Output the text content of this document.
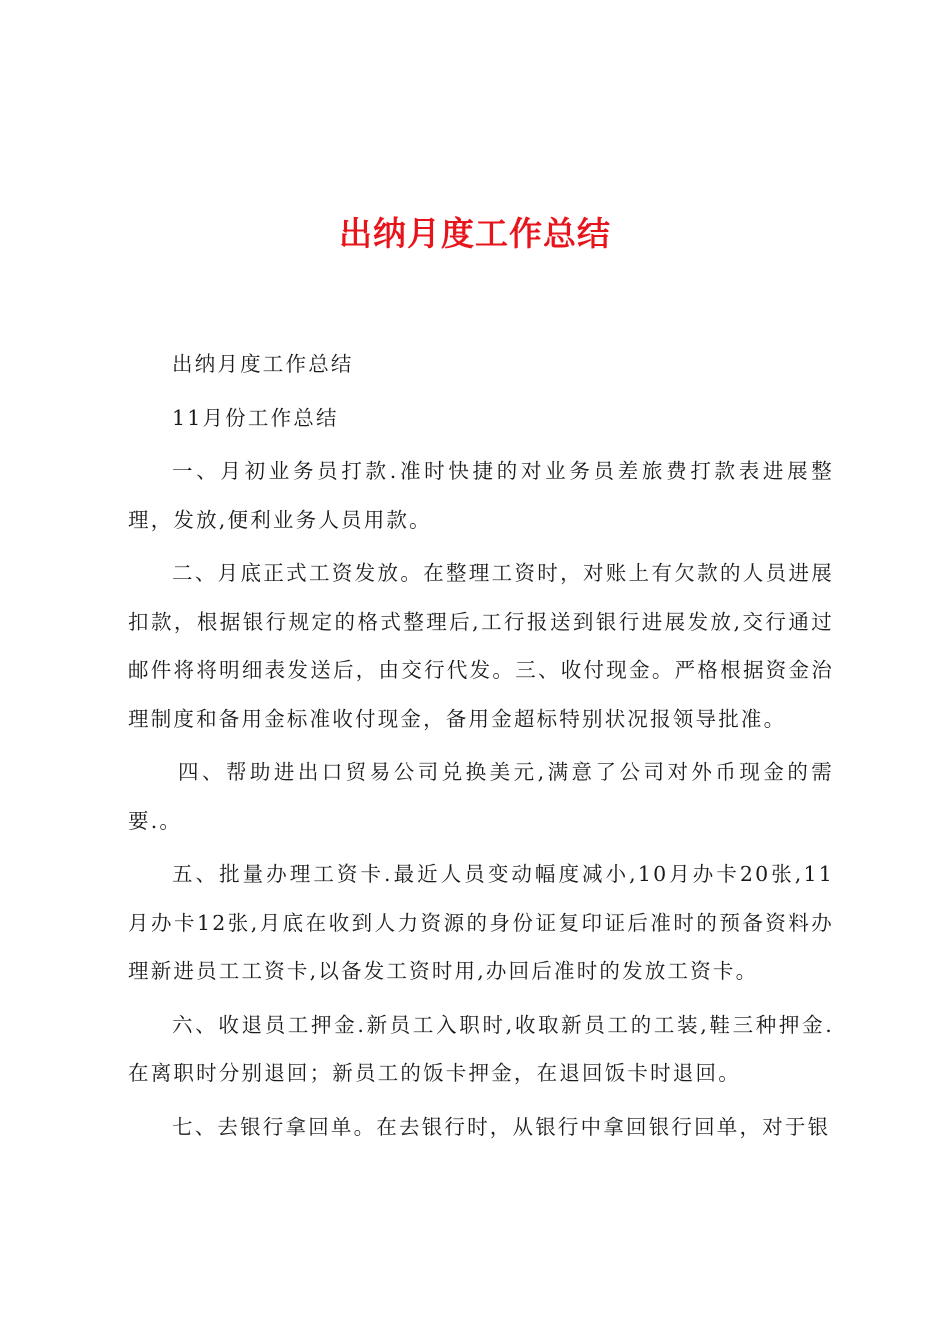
出纳月度工作总结

出纳月度工作总结

11月份工作总结

一、月初业务员打款.准时快捷的对业务员差旅费打款表进展整理，发放,便利业务人员用款。

二、月底正式工资发放。在整理工资时，对账上有欠款的人员进展扣款，根据银行规定的格式整理后,工行报送到银行进展发放,交行通过邮件将将明细表发送后，由交行代发。三、收付现金。严格根据资金治理制度和备用金标准收付现金，备用金超标特别状况报领导批准。

四、帮助进出口贸易公司兑换美元,满意了公司对外币现金的需要.。

五、批量办理工资卡.最近人员变动幅度减小,10月办卡20张,11月办卡12张,月底在收到人力资源的身份证复印证后准时的预备资料办理新进员工工资卡,以备发工资时用,办回后准时的发放工资卡。

六、收退员工押金.新员工入职时,收取新员工的工装,鞋三种押金.在离职时分别退回；新员工的饭卡押金，在退回饭卡时退回。

七、去银行拿回单。在去银行时，从银行中拿回银行回单，对于银
